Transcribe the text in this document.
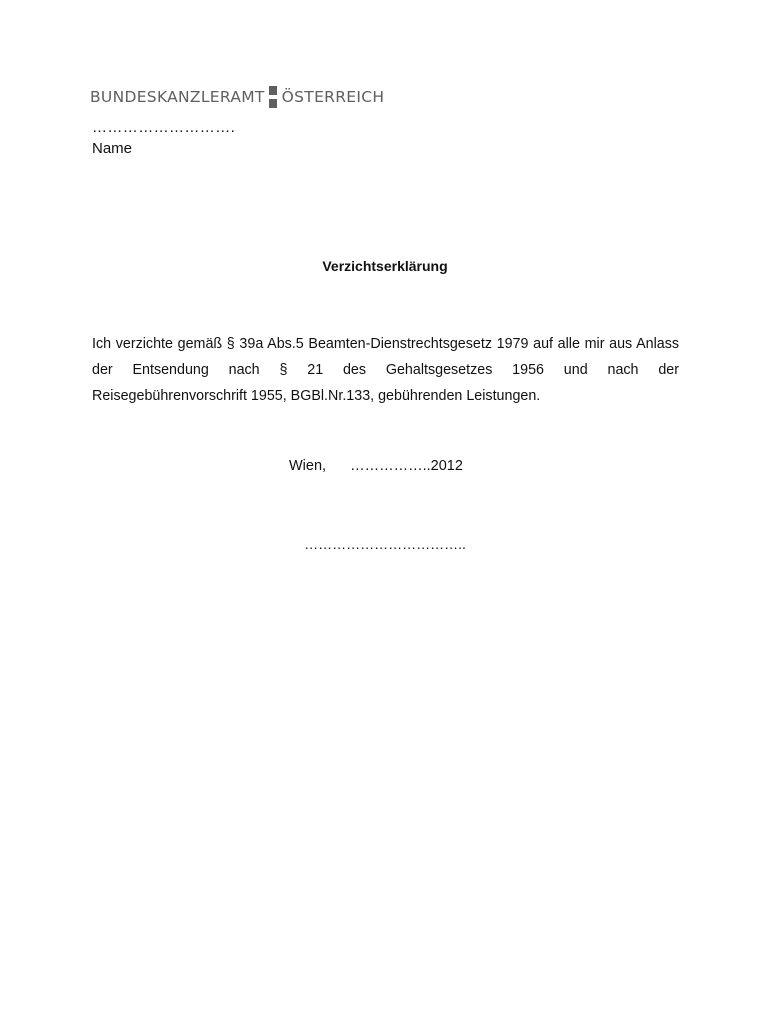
BUNDESKANZLERAMT ÖSTERREICH
……………………….
Name
Verzichtserklärung

Ich verzichte gemäß § 39a Abs.5 Beamten-Dienstrechtsgesetz 1979 auf alle mir aus Anlass der Entsendung nach § 21 des Gehaltsgesetzes 1956 und nach der Reisegebührenvorschrift 1955, BGBl.Nr.133, gebührenden Leistungen.

Wien, ……………..2012
……………………………..
